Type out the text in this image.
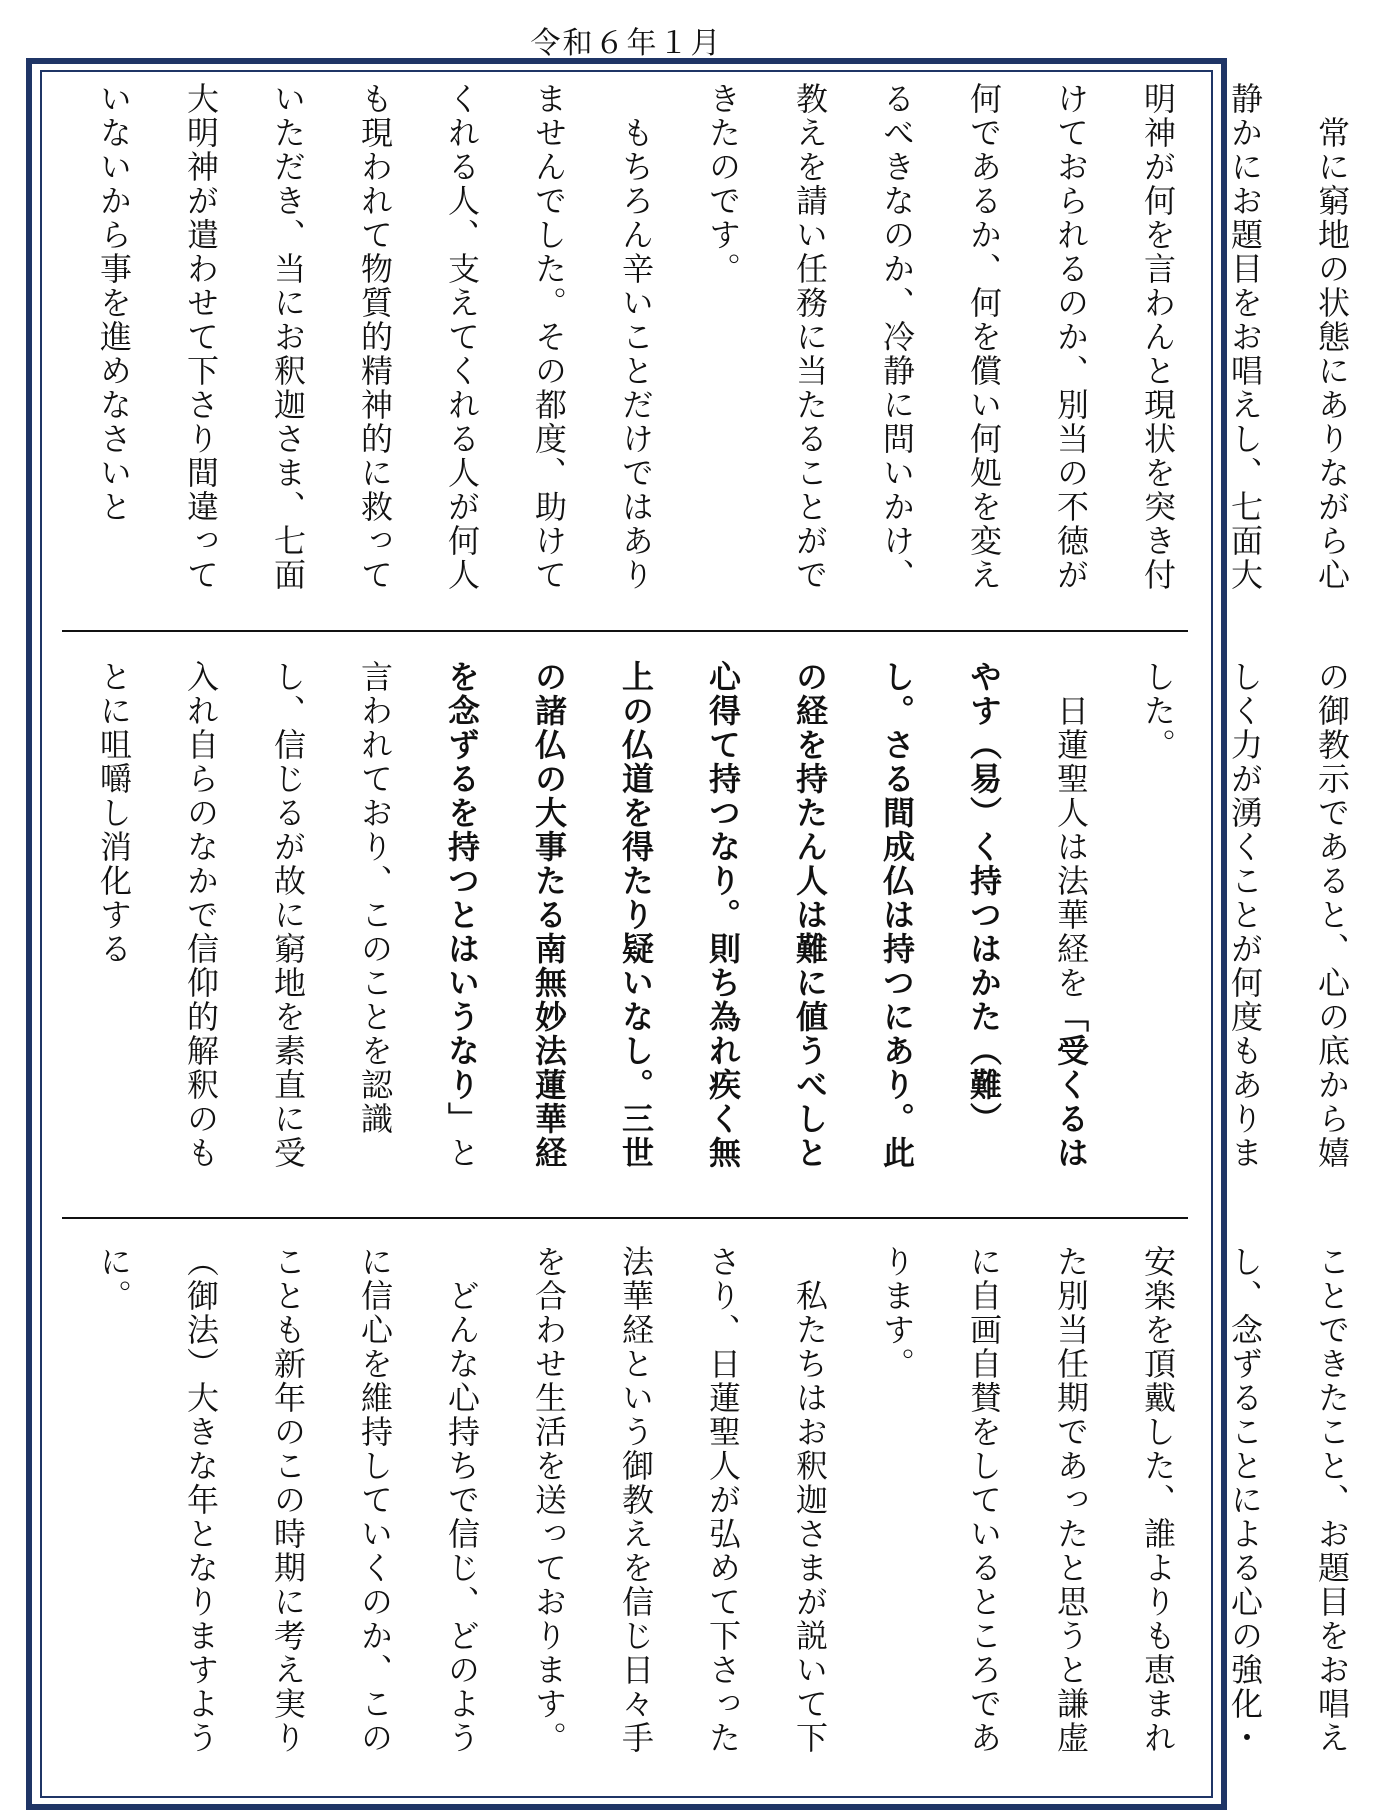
令和６年１月

　常に窮地の状態にありながら心静かにお題目をお唱えし、七面大明神が何を言わんと現状を突き付けておられるのか、別当の不徳が何であるか、何を償い何処を変えるべきなのか、冷静に問いかけ、教えを請い任務に当たることができたのです。

　もちろん辛いことだけではありませんでした。その都度、助けてくれる人、支えてくれる人が何人も現われて物質的精神的に救っていただき、当にお釈迦さま、七面大明神が遣わせて下さり間違っていないから事を進めなさいと

の御教示であると、心の底から嬉しく力が湧くことが何度もありました。

　日蓮聖人は法華経を「受くるはやす（易）く持つはかた（難）し。さる間成仏は持つにあり。此の経を持たん人は難に値うべしと心得て持つなり。則ち為れ疾く無上の仏道を得たり疑いなし。三世の諸仏の大事たる南無妙法蓮華経を念ずるを持つとはいうなり」と言われており、このことを認識し、信じるが故に窮地を素直に受入れ自らのなかで信仰的解釈のもとに咀嚼し消化する

ことできたこと、お題目をお唱えし、念ずることによる心の強化・安楽を頂戴した、誰よりも恵まれた別当任期であったと思うと謙虚に自画自賛をしているところであります。

　私たちはお釈迦さまが説いて下さり、日蓮聖人が弘めて下さった法華経という御教えを信じ日々手を合わせ生活を送っております。

　どんな心持ちで信じ、どのように信心を維持していくのか、このことも新年のこの時期に考え実り（御法）大きな年となりますように。
